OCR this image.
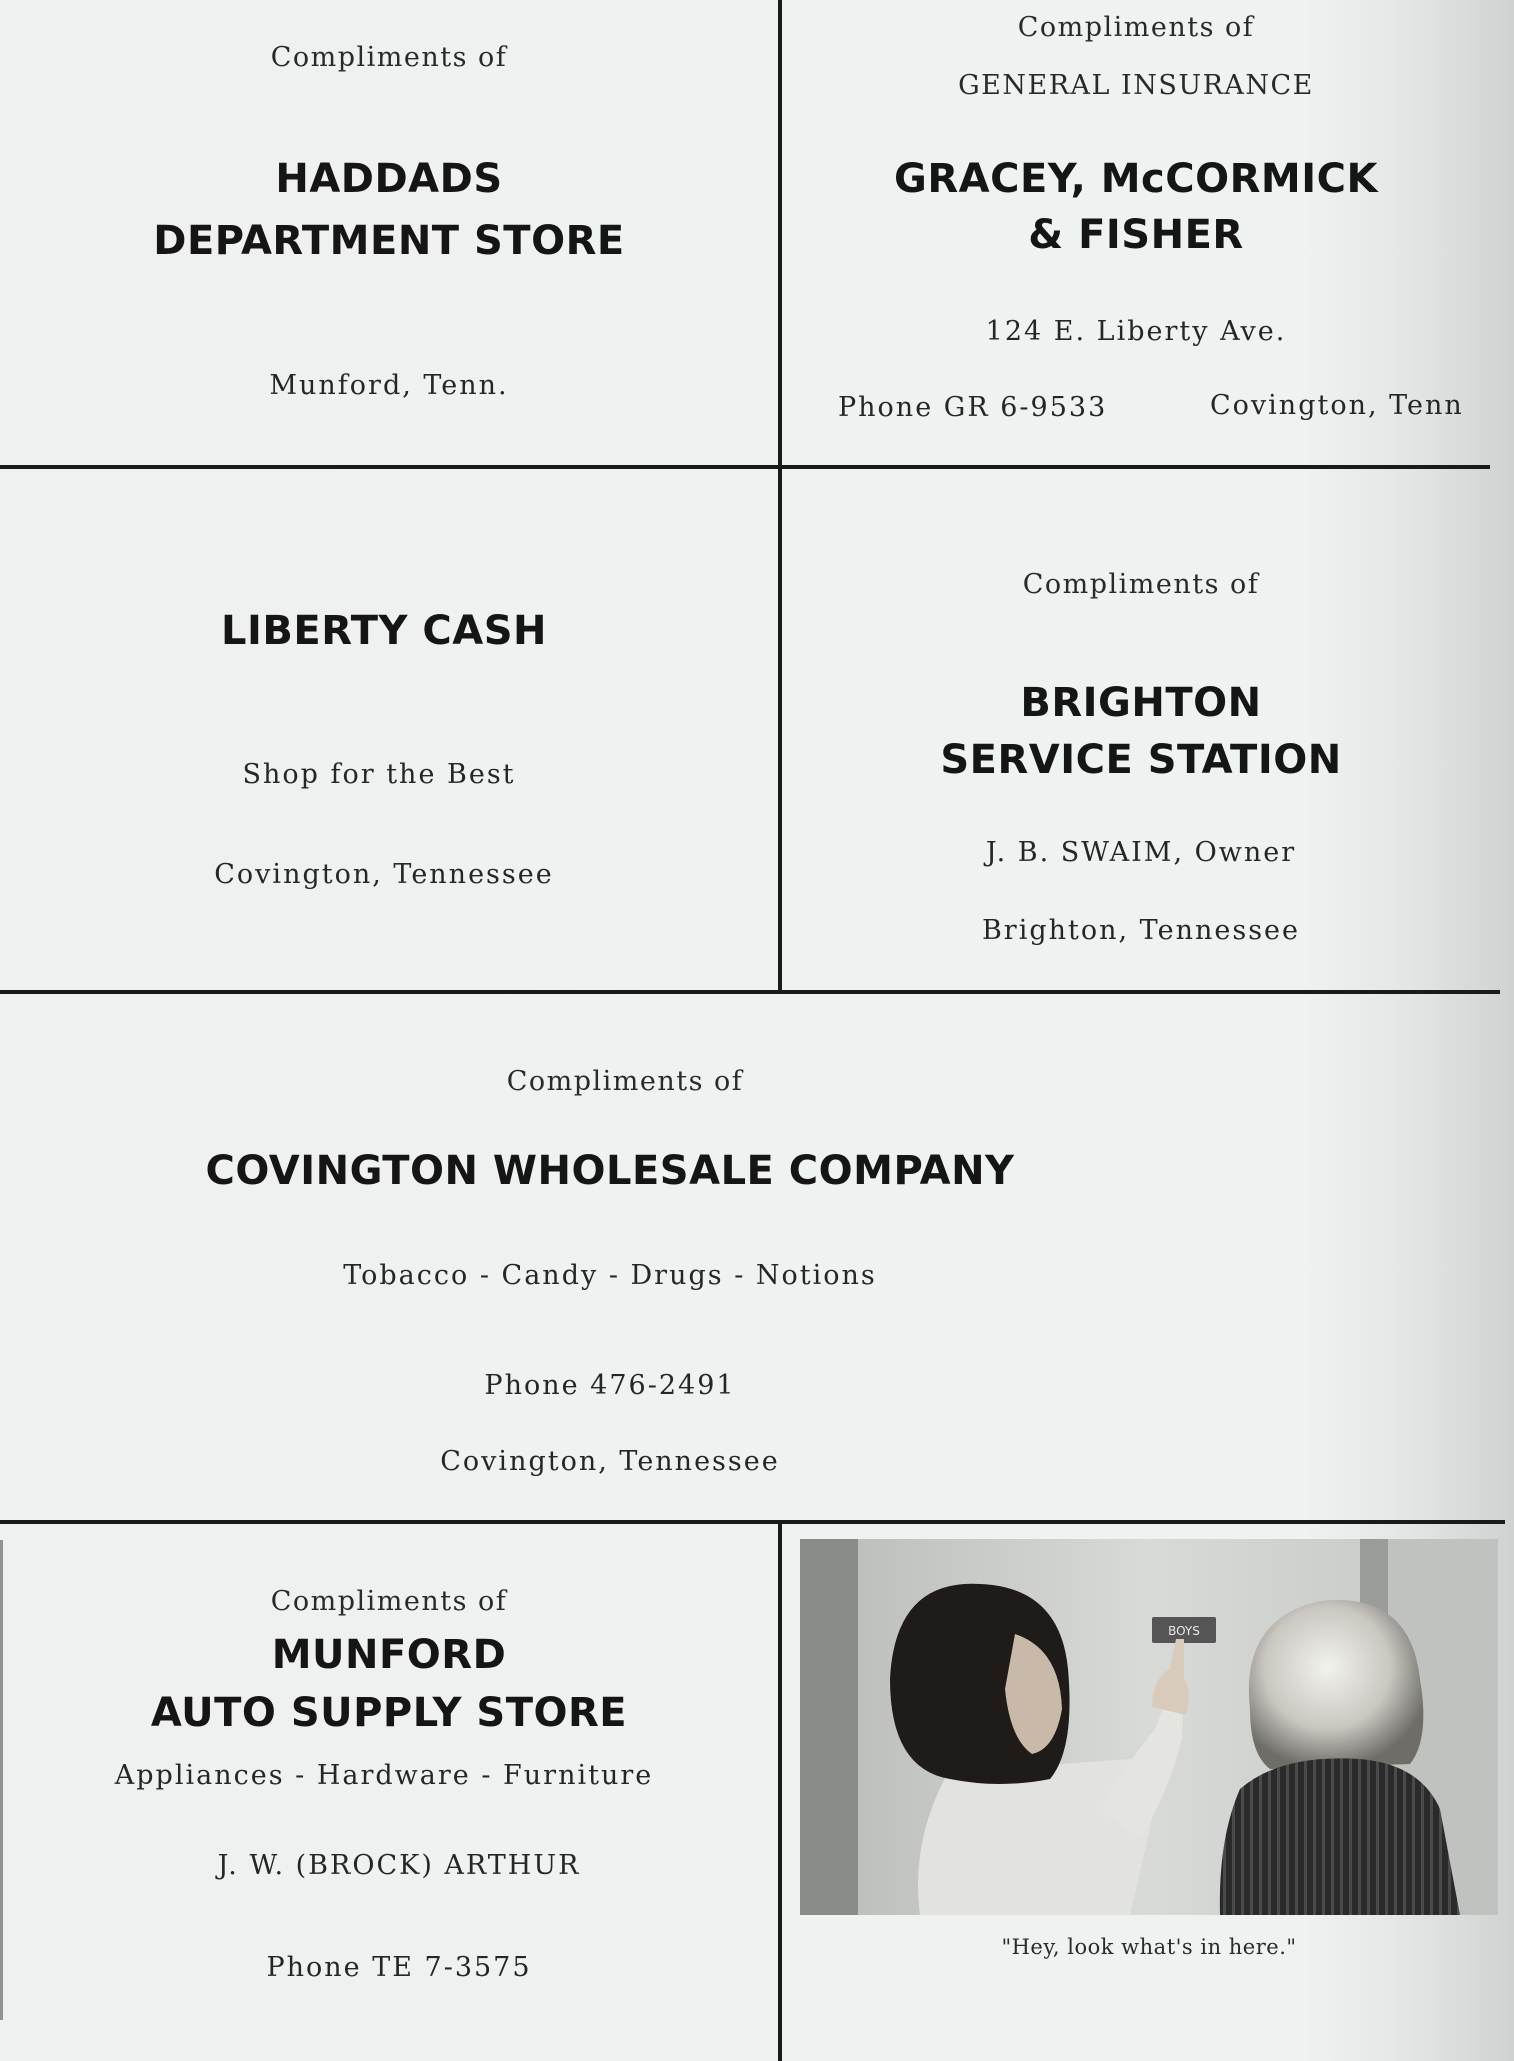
Compliments of
HADDADS
DEPARTMENT STORE
Munford, Tenn.
Compliments of
GENERAL INSURANCE
GRACEY, McCORMICK
& FISHER
124 E. Liberty Ave.
Phone GR 6-9533	Covington, Tenn
LIBERTY CASH
Shop for the Best
Covington, Tennessee
Compliments of
BRIGHTON
SERVICE STATION
J. B. SWAIM, Owner
Brighton, Tennessee
Compliments of
COVINGTON WHOLESALE COMPANY
Tobacco - Candy - Drugs - Notions
Phone 476-2491
Covington, Tennessee
Compliments of
MUNFORD
AUTO SUPPLY STORE
Appliances - Hardware - Furniture
J. W. (BROCK) ARTHUR
Phone TE 7-3575
BOYS
"Hey, look what's in here."
